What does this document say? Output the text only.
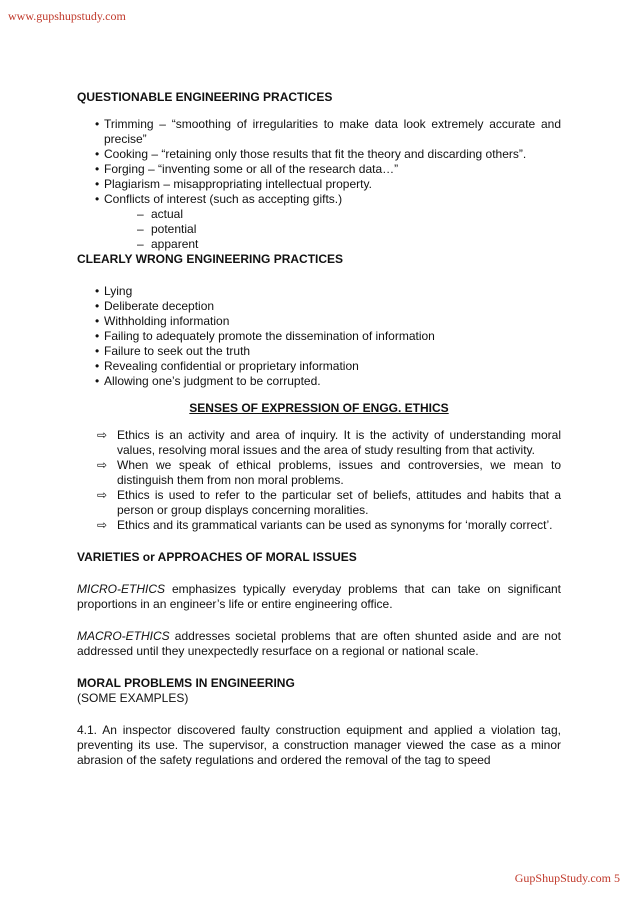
www.gupshupstudy.com

QUESTIONABLE ENGINEERING PRACTICES

• Trimming – “smoothing of irregularities to make data look extremely accurate and precise”
• Cooking – “retaining only those results that fit the theory and discarding others”.
• Forging – “inventing some or all of the research data…”
• Plagiarism – misappropriating intellectual property.
• Conflicts of interest (such as accepting gifts.)
– actual
– potential
– apparent

CLEARLY WRONG ENGINEERING PRACTICES

• Lying
• Deliberate deception
• Withholding information
• Failing to adequately promote the dissemination of information
• Failure to seek out the truth
• Revealing confidential or proprietary information
• Allowing one’s judgment to be corrupted.

SENSES OF EXPRESSION OF ENGG. ETHICS

⇨ Ethics is an activity and area of inquiry. It is the activity of understanding moral values, resolving moral issues and the area of study resulting from that activity.
⇨ When we speak of ethical problems, issues and controversies, we mean to distinguish them from non moral problems.
⇨ Ethics is used to refer to the particular set of beliefs, attitudes and habits that a person or group displays concerning moralities.
⇨ Ethics and its grammatical variants can be used as synonyms for ‘morally correct’.

VARIETIES or APPROACHES OF MORAL ISSUES

MICRO-ETHICS emphasizes typically everyday problems that can take on significant proportions in an engineer’s life or entire engineering office.

MACRO-ETHICS addresses societal problems that are often shunted aside and are not addressed until they unexpectedly resurface on a regional or national scale.

MORAL PROBLEMS IN ENGINEERING

(SOME EXAMPLES)

4.1. An inspector discovered faulty construction equipment and applied a violation tag, preventing its use. The supervisor, a construction manager viewed the case as a minor abrasion of the safety regulations and ordered the removal of the tag to speed

GupShupStudy.com 5
